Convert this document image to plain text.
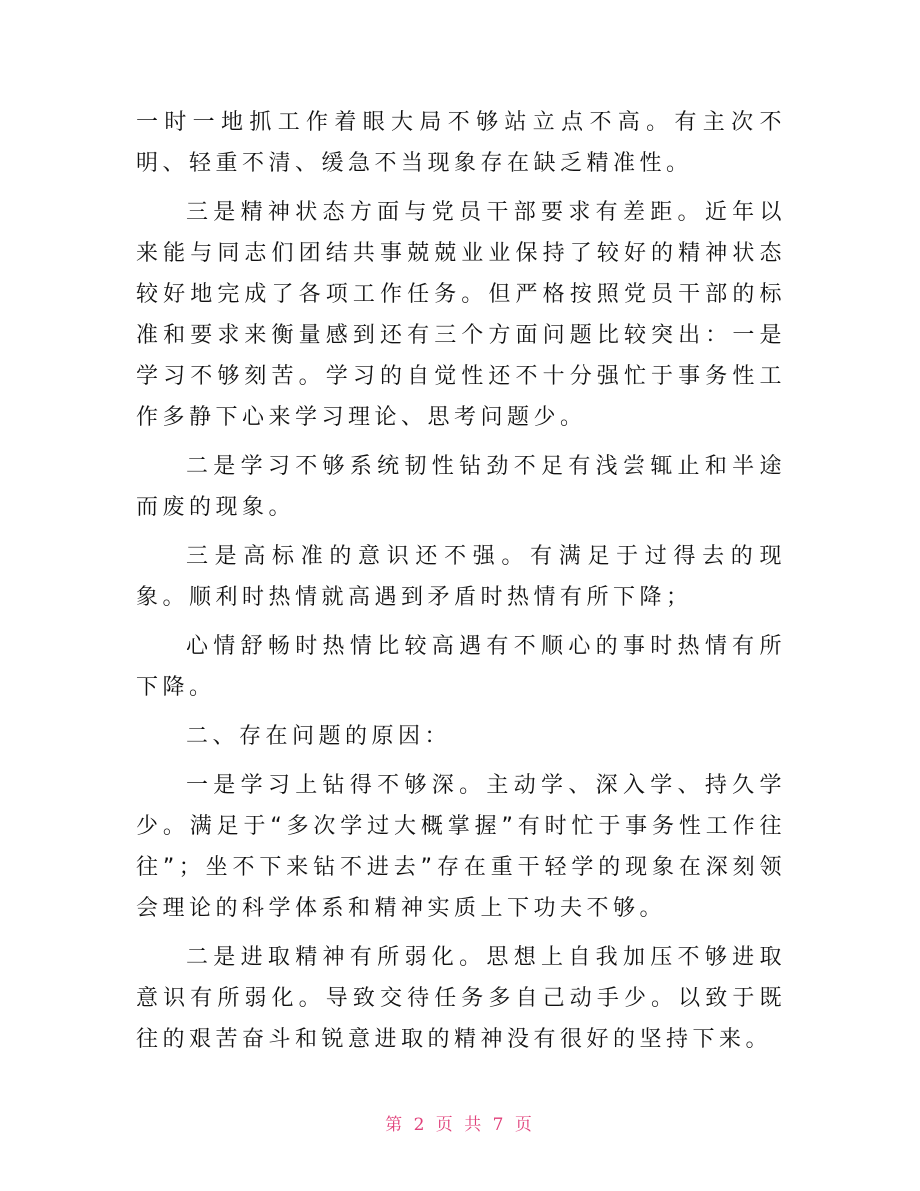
一时一地抓工作着眼大局不够站立点不高。有主次不明、轻重不清、缓急不当现象存在缺乏精准性。

三是精神状态方面与党员干部要求有差距。近年以来能与同志们团结共事兢兢业业保持了较好的精神状态较好地完成了各项工作任务。但严格按照党员干部的标准和要求来衡量感到还有三个方面问题比较突出：一是学习不够刻苦。学习的自觉性还不十分强忙于事务性工作多静下心来学习理论、思考问题少。

二是学习不够系统韧性钻劲不足有浅尝辄止和半途而废的现象。

三是高标准的意识还不强。有满足于过得去的现象。顺利时热情就高遇到矛盾时热情有所下降；

心情舒畅时热情比较高遇有不顺心的事时热情有所下降。

二、存在问题的原因：

一是学习上钻得不够深。主动学、深入学、持久学少。满足于“多次学过大概掌握”有时忙于事务性工作往往”；坐不下来钻不进去”存在重干轻学的现象在深刻领会理论的科学体系和精神实质上下功夫不够。

二是进取精神有所弱化。思想上自我加压不够进取意识有所弱化。导致交待任务多自己动手少。以致于既往的艰苦奋斗和锐意进取的精神没有很好的坚持下来。

第 2 页 共 7 页
